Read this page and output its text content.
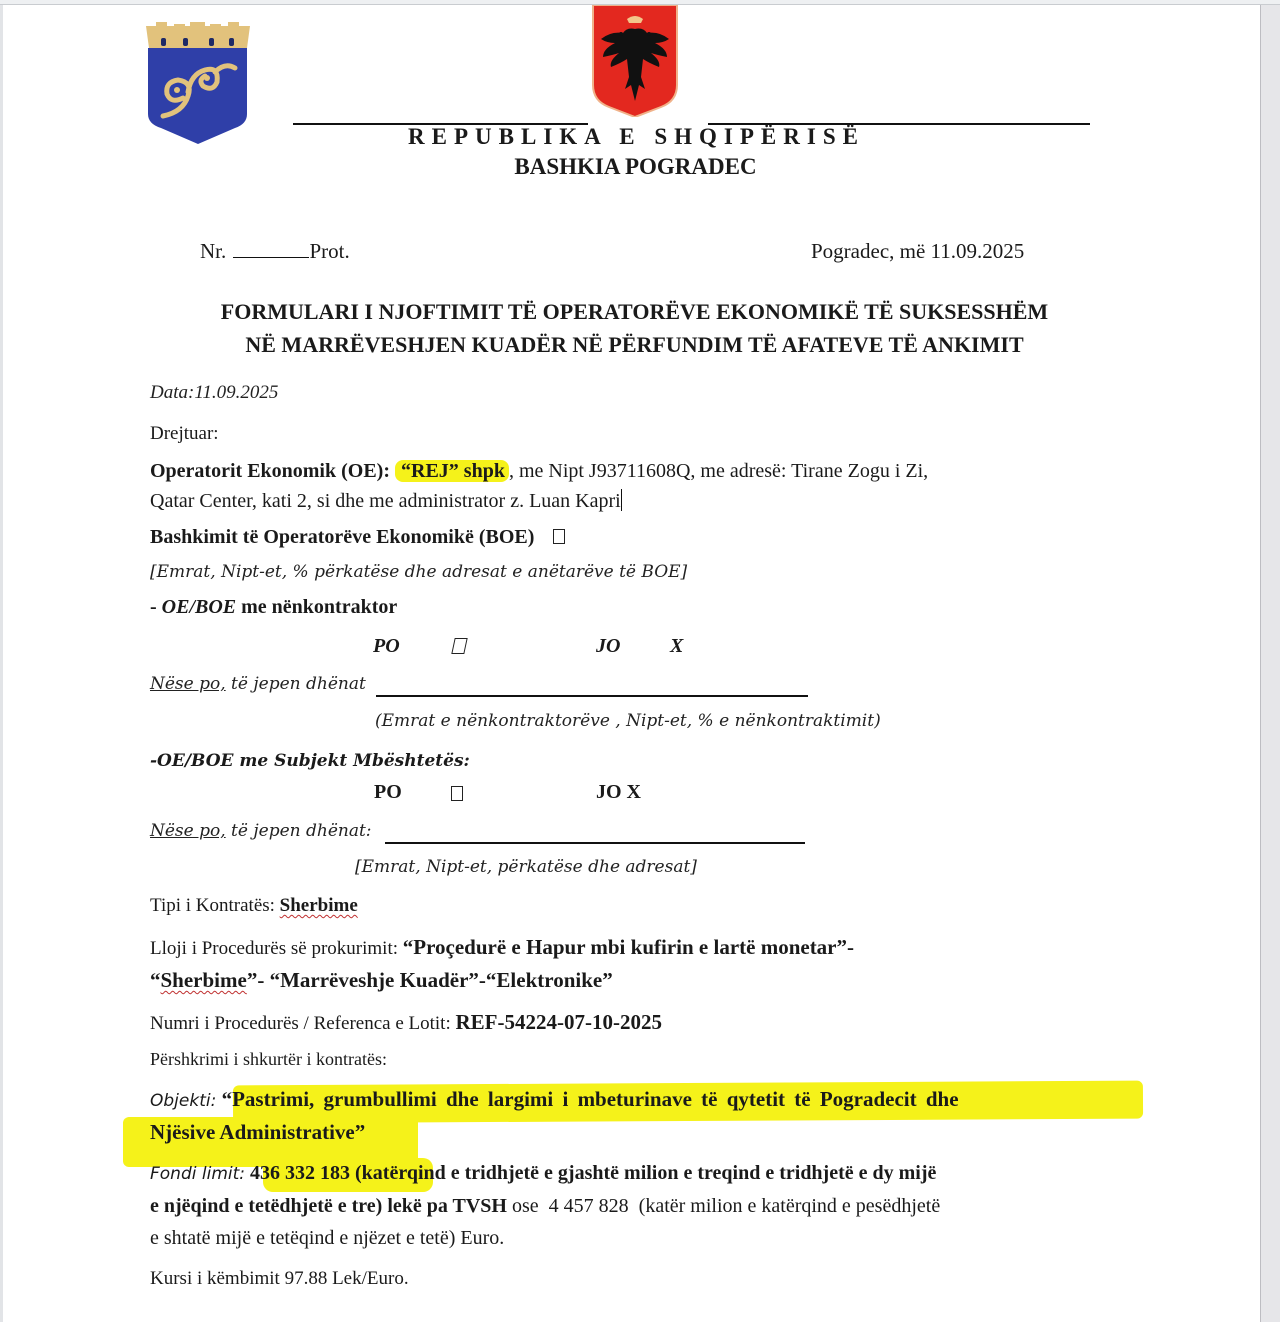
REPUBLIKA E SHQIPËRISË
BASHKIA POGRADEC
Nr.	Prot.	Pogradec, më 11.09.2025
FORMULARI I NJOFTIMIT TË OPERATORËVE EKONOMIKË TË SUKSESSHËM
NË MARRËVESHJEN KUADËR NË PËRFUNDIM TË AFATEVE TË ANKIMIT
Data:11.09.2025
Drejtuar:
Operatorit Ekonomik (OE): “REJ” shpk , me Nipt J93711608Q, me adresë: Tirane Zogu i Zi,
Qatar Center, kati 2, si dhe me administrator z. Luan Kapri
Bashkimit të Operatorëve Ekonomikë (BOE)
[Emrat, Nipt-et, % përkatëse dhe adresat e anëtarëve të BOE]
- OE/BOE me nënkontraktor
PO	JO X
Nëse po, të jepen dhënat
(Emrat e nënkontraktorëve , Nipt-et, % e nënkontraktimit)
-OE/BOE me Subjekt Mbështetës:
PO	JO X
Nëse po, të jepen dhënat:
[Emrat, Nipt-et, përkatëse dhe adresat]
Tipi i Kontratës: Sherbime
Lloji i Procedurës së prokurimit: “Proçedurë e Hapur mbi kufirin e lartë monetar”-
“Sherbime”- “Marrëveshje Kuadër”-“Elektronike”
Numri i Procedurës / Referenca e Lotit: REF-54224-07-10-2025
Përshkrimi i shkurtër i kontratës:
Objekti: “Pastrimi, grumbullimi dhe largimi i mbeturinave të qytetit të Pogradecit dhe
Njësive Administrative”
Fondi limit: 436 332 183 (katërqind e tridhjetë e gjashtë milion e treqind e tridhjetë e dy mijë
e njëqind e tetëdhjetë e tre) lekë pa TVSH ose  4 457 828  (katër milion e katërqind e pesëdhjetë
e shtatë mijë e tetëqind e njëzet e tetë) Euro.
Kursi i këmbimit 97.88 Lek/Euro.
